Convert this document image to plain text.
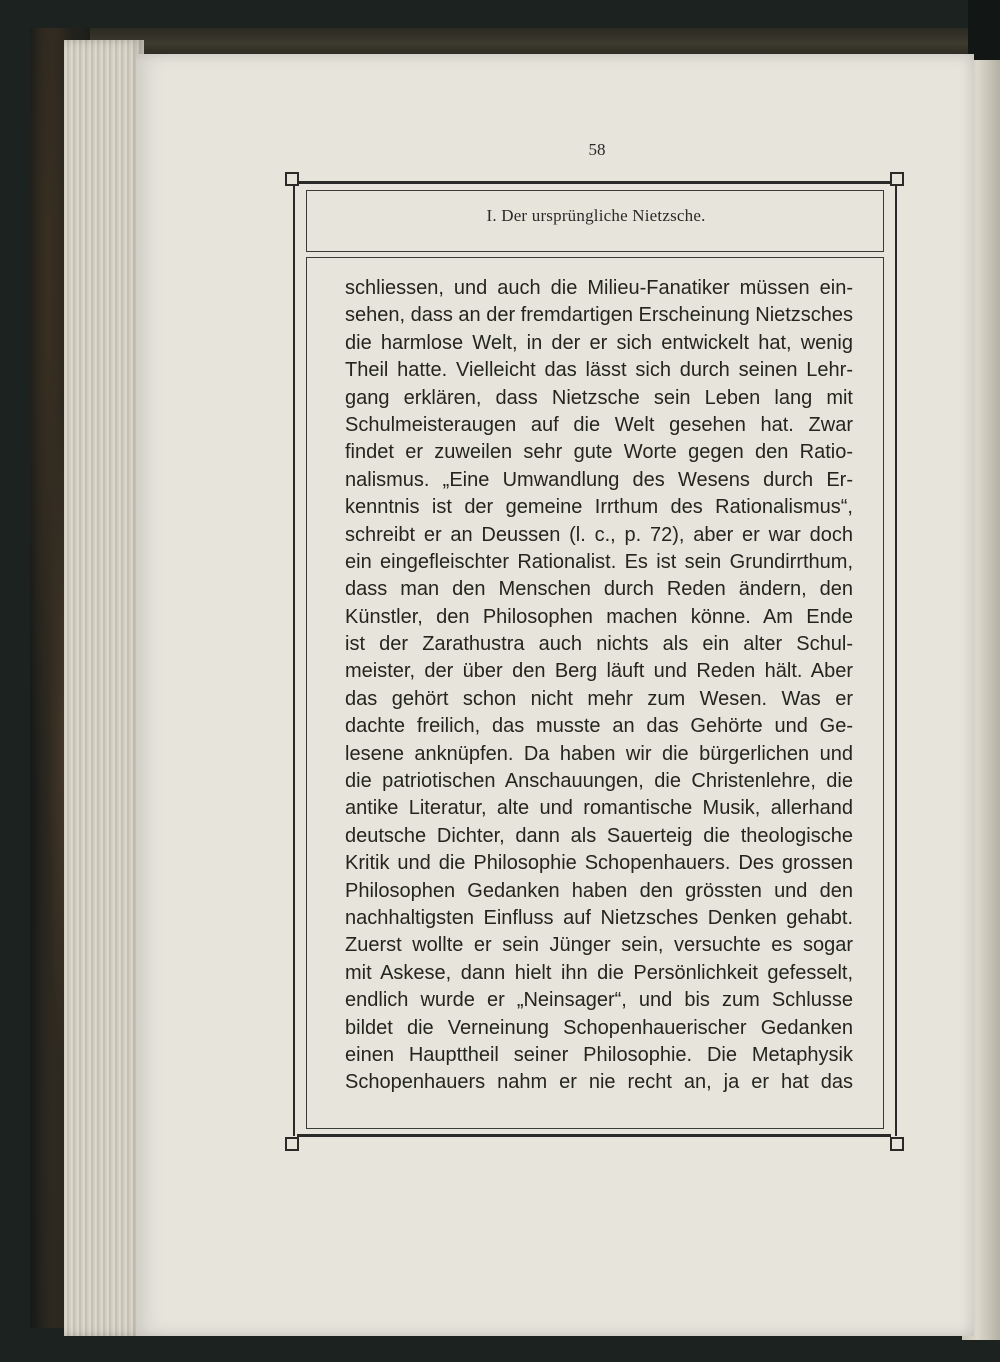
58
I. Der ursprüngliche Nietzsche.
schliessen, und auch die Milieu-Fanatiker müssen ein-
sehen, dass an der fremdartigen Erscheinung Nietzsches
die harmlose Welt, in der er sich entwickelt hat, wenig
Theil hatte. Vielleicht das lässt sich durch seinen Lehr-
gang erklären, dass Nietzsche sein Leben lang mit
Schulmeisteraugen auf die Welt gesehen hat. Zwar
findet er zuweilen sehr gute Worte gegen den Ratio-
nalismus. „Eine Umwandlung des Wesens durch Er-
kenntnis ist der gemeine Irrthum des Rationalismus“,
schreibt er an Deussen (l. c., p. 72), aber er war doch
ein eingefleischter Rationalist. Es ist sein Grundirrthum,
dass man den Menschen durch Reden ändern, den
Künstler, den Philosophen machen könne. Am Ende
ist der Zarathustra auch nichts als ein alter Schul-
meister, der über den Berg läuft und Reden hält. Aber
das gehört schon nicht mehr zum Wesen. Was er
dachte freilich, das musste an das Gehörte und Ge-
lesene anknüpfen. Da haben wir die bürgerlichen und
die patriotischen Anschauungen, die Christenlehre, die
antike Literatur, alte und romantische Musik, allerhand
deutsche Dichter, dann als Sauerteig die theologische
Kritik und die Philosophie Schopenhauers. Des grossen
Philosophen Gedanken haben den grössten und den
nachhaltigsten Einfluss auf Nietzsches Denken gehabt.
Zuerst wollte er sein Jünger sein, versuchte es sogar
mit Askese, dann hielt ihn die Persönlichkeit gefesselt,
endlich wurde er „Neinsager“, und bis zum Schlusse
bildet die Verneinung Schopenhauerischer Gedanken
einen Haupttheil seiner Philosophie. Die Metaphysik
Schopenhauers nahm er nie recht an, ja er hat das
